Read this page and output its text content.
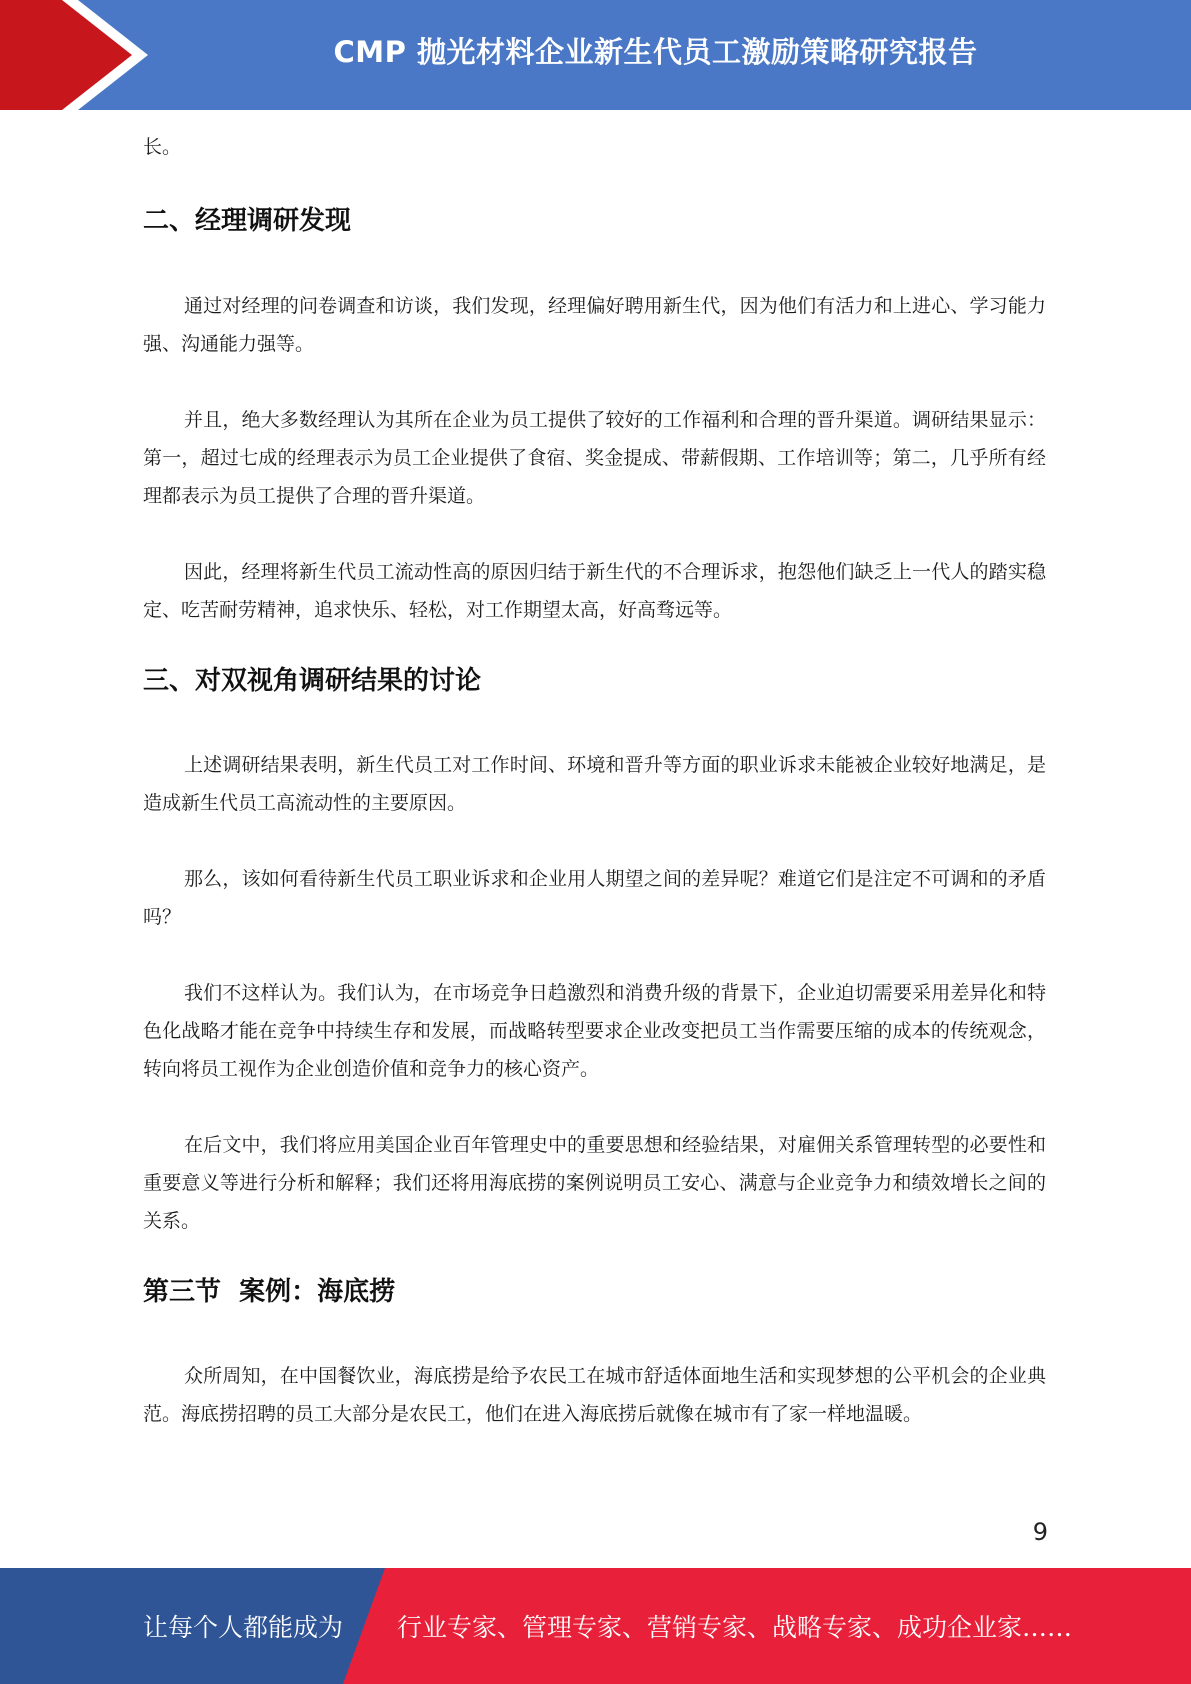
CMP 抛光材料企业新生代员工激励策略研究报告

长。

二、经理调研发现

通过对经理的问卷调查和访谈，我们发现，经理偏好聘用新生代，因为他们有活力和上进心、学习能力强、沟通能力强等。

并且，绝大多数经理认为其所在企业为员工提供了较好的工作福利和合理的晋升渠道。调研结果显示：第一，超过七成的经理表示为员工企业提供了食宿、奖金提成、带薪假期、工作培训等；第二，几乎所有经理都表示为员工提供了合理的晋升渠道。

因此，经理将新生代员工流动性高的原因归结于新生代的不合理诉求，抱怨他们缺乏上一代人的踏实稳定、吃苦耐劳精神，追求快乐、轻松，对工作期望太高，好高骛远等。

三、对双视角调研结果的讨论

上述调研结果表明，新生代员工对工作时间、环境和晋升等方面的职业诉求未能被企业较好地满足，是造成新生代员工高流动性的主要原因。

那么，该如何看待新生代员工职业诉求和企业用人期望之间的差异呢？难道它们是注定不可调和的矛盾吗？

我们不这样认为。我们认为，在市场竞争日趋激烈和消费升级的背景下，企业迫切需要采用差异化和特色化战略才能在竞争中持续生存和发展，而战略转型要求企业改变把员工当作需要压缩的成本的传统观念，转向将员工视作为企业创造价值和竞争力的核心资产。

在后文中，我们将应用美国企业百年管理史中的重要思想和经验结果，对雇佣关系管理转型的必要性和重要意义等进行分析和解释；我们还将用海底捞的案例说明员工安心、满意与企业竞争力和绩效增长之间的关系。

第三节  案例：海底捞

众所周知，在中国餐饮业，海底捞是给予农民工在城市舒适体面地生活和实现梦想的公平机会的企业典范。海底捞招聘的员工大部分是农民工，他们在进入海底捞后就像在城市有了家一样地温暖。

9
让每个人都能成为 行业专家、管理专家、营销专家、战略专家、成功企业家……
